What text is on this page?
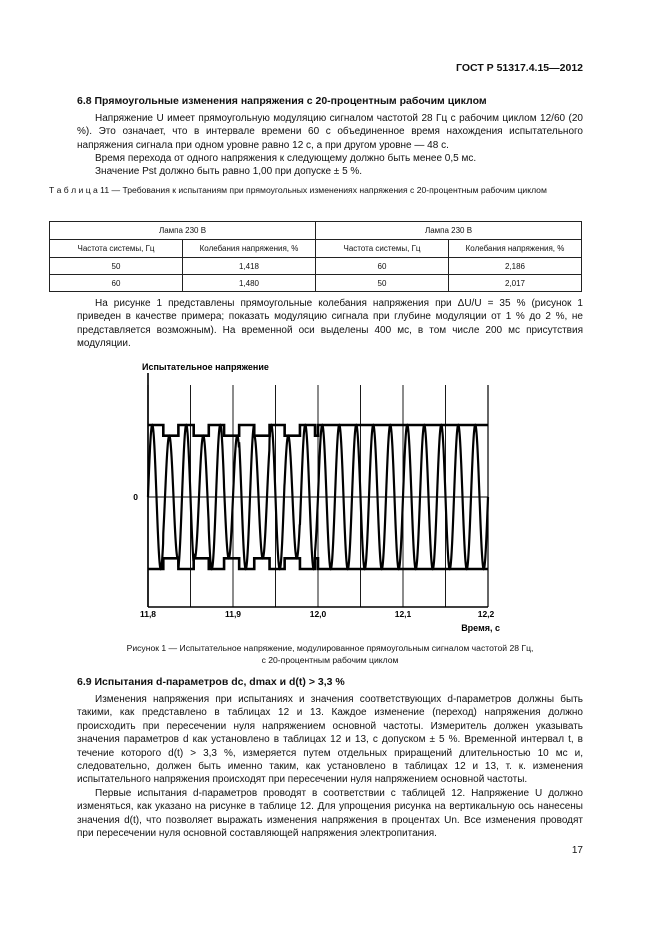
ГОСТ Р 51317.4.15—2012
6.8 Прямоугольные изменения напряжения с 20-процентным рабочим циклом

Напряжение U имеет прямоугольную модуляцию сигналом частотой 28 Гц с рабочим циклом 12/60 (20 %). Это означает, что в интервале времени 60 с объединенное время нахождения испытательного напряжения сигнала при одном уровне равно 12 с, а при другом уровне — 48 с.

Время перехода от одного напряжения к следующему должно быть менее 0,5 мс.

Значение Pst должно быть равно 1,00 при допуске ± 5 %.

Т а б л и ц а 11 — Требования к испытаниям при прямоугольных изменениях напряжения с 20-процентным рабочим циклом

Лампа 230 В		Лампа 230 В	
Частота системы, Гц	Колебания напряжения, %	Частота системы, Гц	Колебания напряжения, %
50	1,418	60	2,186
60	1,480	50	2,017

На рисунке 1 представлены прямоугольные колебания напряжения при ΔU/U = 35 % (рисунок 1 приведен в качестве примера; показать модуляцию сигнала при глубине модуляции от 1 % до 2 %, не представляется возможным). На временной оси выделены 400 мс, в том числе 200 мс присутствия модуляции.

Испытательное напряжение
0
11,8	11,9	12,0	12,1	12,2
Время, с
Рисунок 1 — Испытательное напряжение, модулированное прямоугольным сигналом частотой 28 Гц,
с 20-процентным рабочим циклом
6.9 Испытания d-параметров dc, dmax и d(t) > 3,3 %

Изменения напряжения при испытаниях и значения соответствующих d-параметров должны быть такими, как представлено в таблицах 12 и 13. Каждое изменение (переход) напряжения должно происходить при пересечении нуля напряжением основной частоты. Измеритель должен указывать значения параметров d как установлено в таблицах 12 и 13, с допуском ± 5 %. Временной интервал t, в течение которого d(t) > 3,3 %, измеряется путем отдельных приращений длительностью 10 мс и, следовательно, должен быть именно таким, как установлено в таблицах 12 и 13, т. к. изменения испытательного напряжения происходят при пересечении нуля напряжением основной частоты.

Первые испытания d-параметров проводят в соответствии с таблицей 12. Напряжение U должно изменяться, как указано на рисунке в таблице 12. Для упрощения рисунка на вертикальную ось нанесены значения d(t), что позволяет выражать изменения напряжения в процентах Un. Все изменения проводят при пересечении нуля основной составляющей напряжения электропитания.

17
